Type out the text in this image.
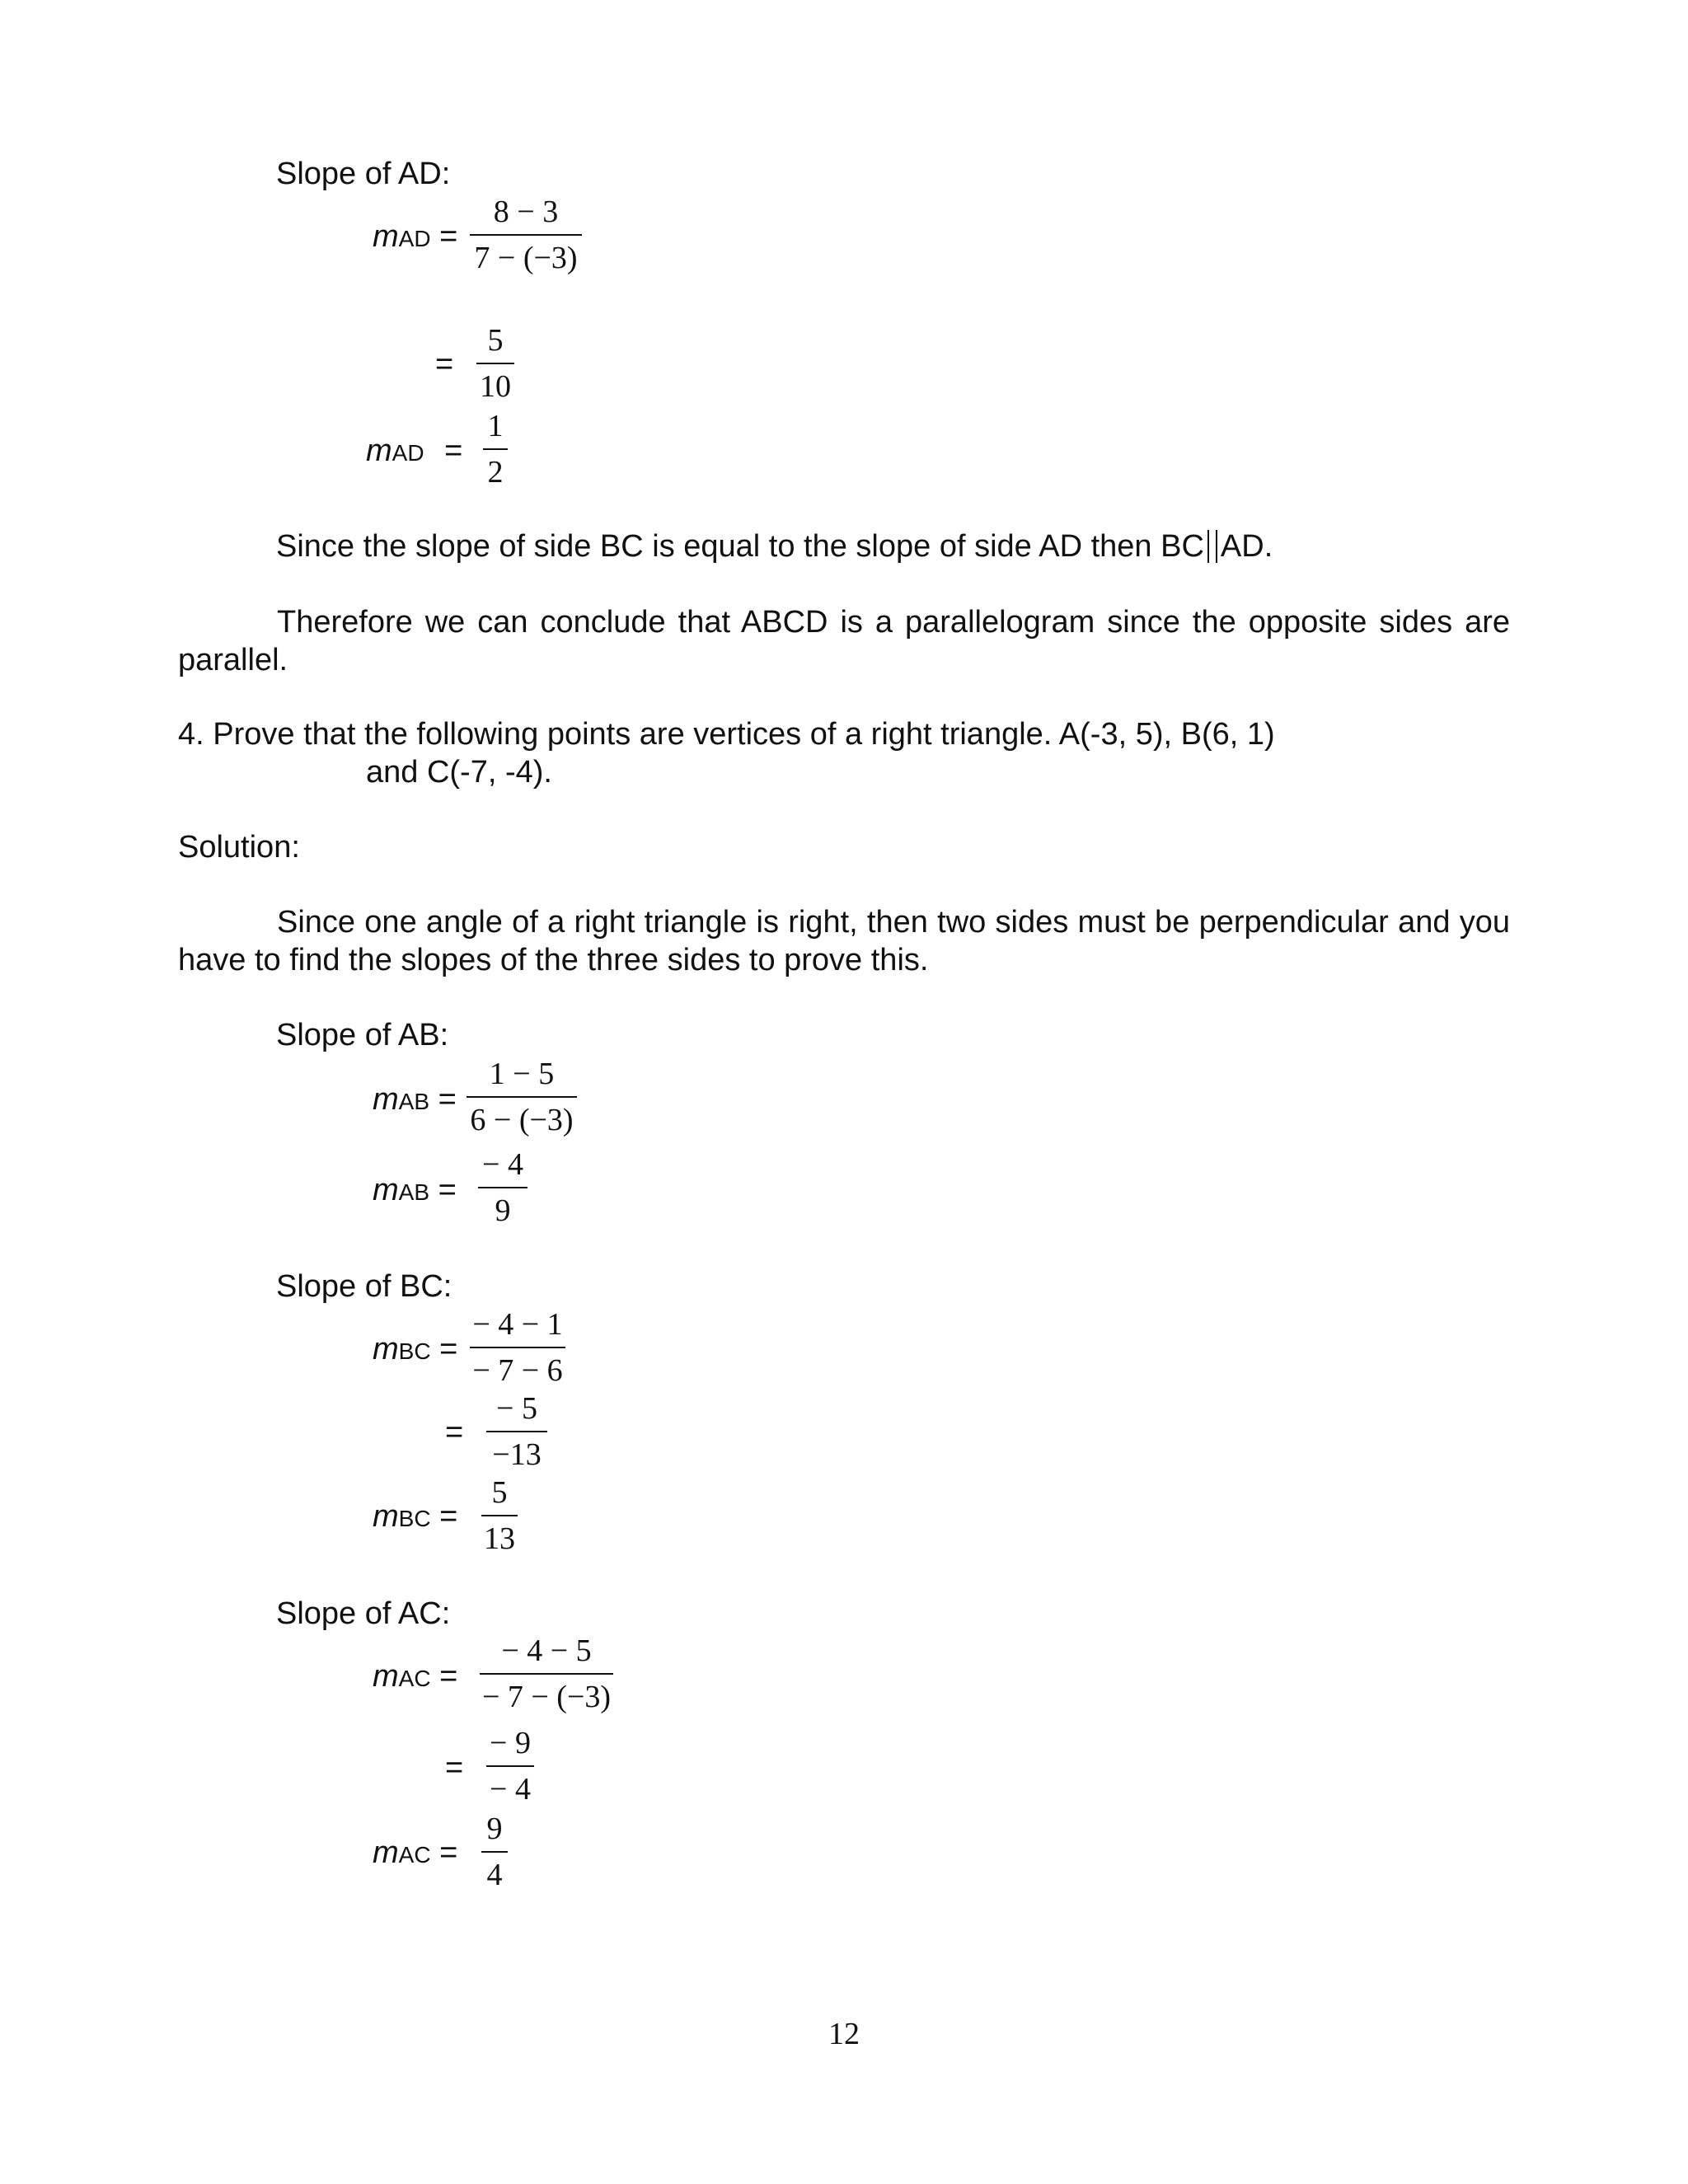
Slope of AD:
mAD =
8 − 3
7 − (−3)
=
5
10
mAD =
1
2
Since the slope of side BC is equal to the slope of side AD then BC AD.
Therefore we can conclude that ABCD is a parallelogram since the opposite sides are parallel.
4. Prove that the following points are vertices of a right triangle. A(-3, 5), B(6, 1)
and C(-7, -4).
Solution:
Since one angle of a right triangle is right, then two sides must be perpendicular and you have to find the slopes of the three sides to prove this.
Slope of AB:
mAB =
1 − 5
6 − (−3)
mAB =
− 4
9
Slope of BC:
mBC =
− 4 − 1
− 7 − 6
=
− 5
−13
mBC =
5
13
Slope of AC:
mAC =
− 4 − 5
− 7 − (−3)
=
− 9
− 4
mAC =
9
4
12
